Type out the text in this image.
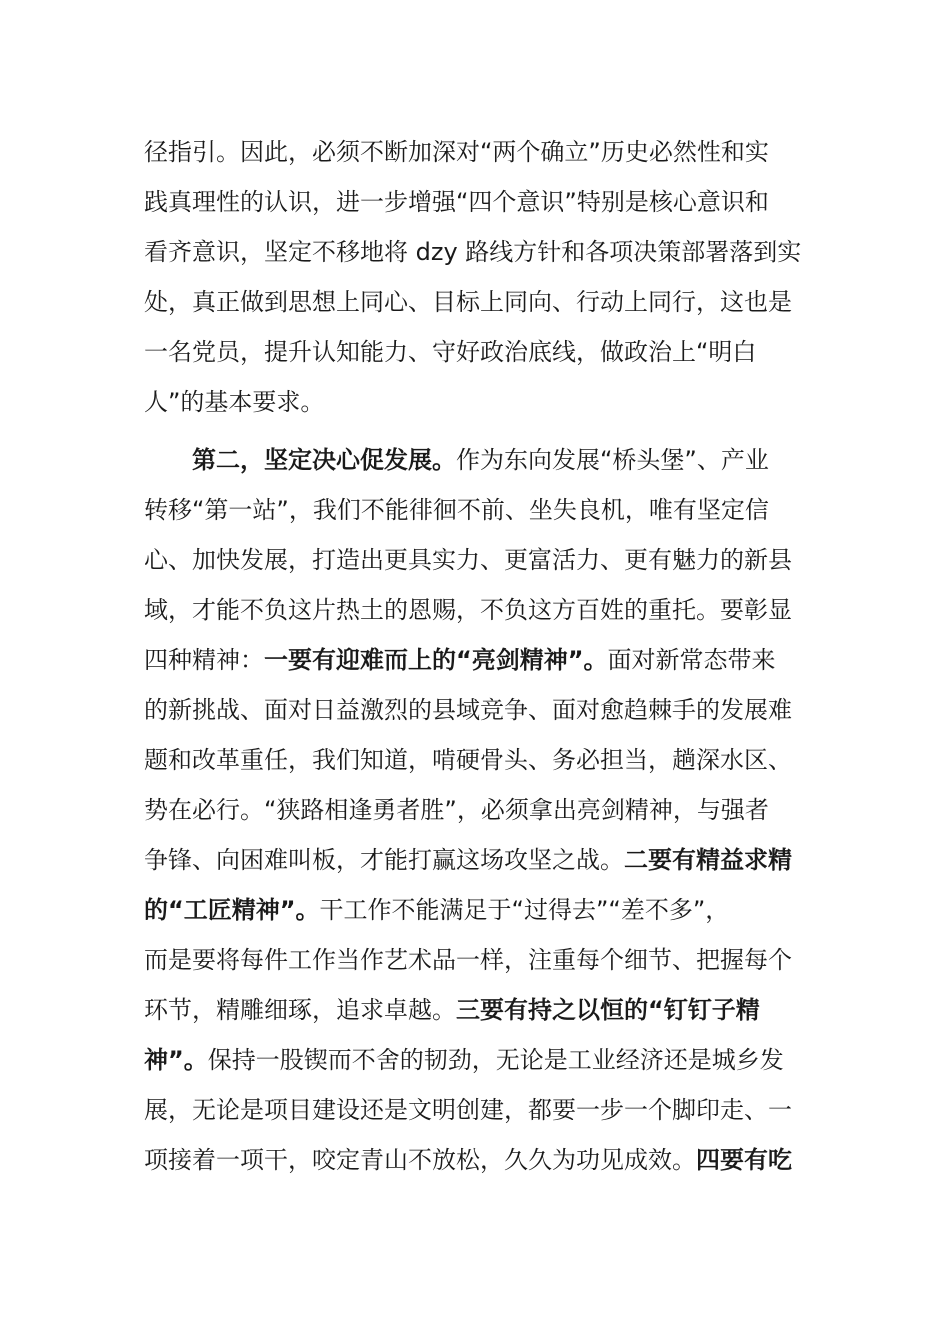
径指引。因此，必须不断加深对“两个确立”历史必然性和实
践真理性的认识，进一步增强“四个意识”特别是核心意识和
看齐意识，坚定不移地将 dzy 路线方针和各项决策部署落到实
处，真正做到思想上同心、目标上同向、行动上同行，这也是
一名党员，提升认知能力、守好政治底线，做政治上“明白
人”的基本要求。
第二，坚定决心促发展。作为东向发展“桥头堡”、产业
转移“第一站”，我们不能徘徊不前、坐失良机，唯有坚定信
心、加快发展，打造出更具实力、更富活力、更有魅力的新县
域，才能不负这片热土的恩赐，不负这方百姓的重托。要彰显
四种精神：一要有迎难而上的“亮剑精神”。面对新常态带来
的新挑战、面对日益激烈的县域竞争、面对愈趋棘手的发展难
题和改革重任，我们知道，啃硬骨头、务必担当，趟深水区、
势在必行。“狭路相逢勇者胜”，必须拿出亮剑精神，与强者
争锋、向困难叫板，才能打赢这场攻坚之战。二要有精益求精
的“工匠精神”。干工作不能满足于“过得去”“差不多”，
而是要将每件工作当作艺术品一样，注重每个细节、把握每个
环节，精雕细琢，追求卓越。三要有持之以恒的“钉钉子精
神”。保持一股锲而不舍的韧劲，无论是工业经济还是城乡发
展，无论是项目建设还是文明创建，都要一步一个脚印走、一
项接着一项干，咬定青山不放松，久久为功见成效。四要有吃
